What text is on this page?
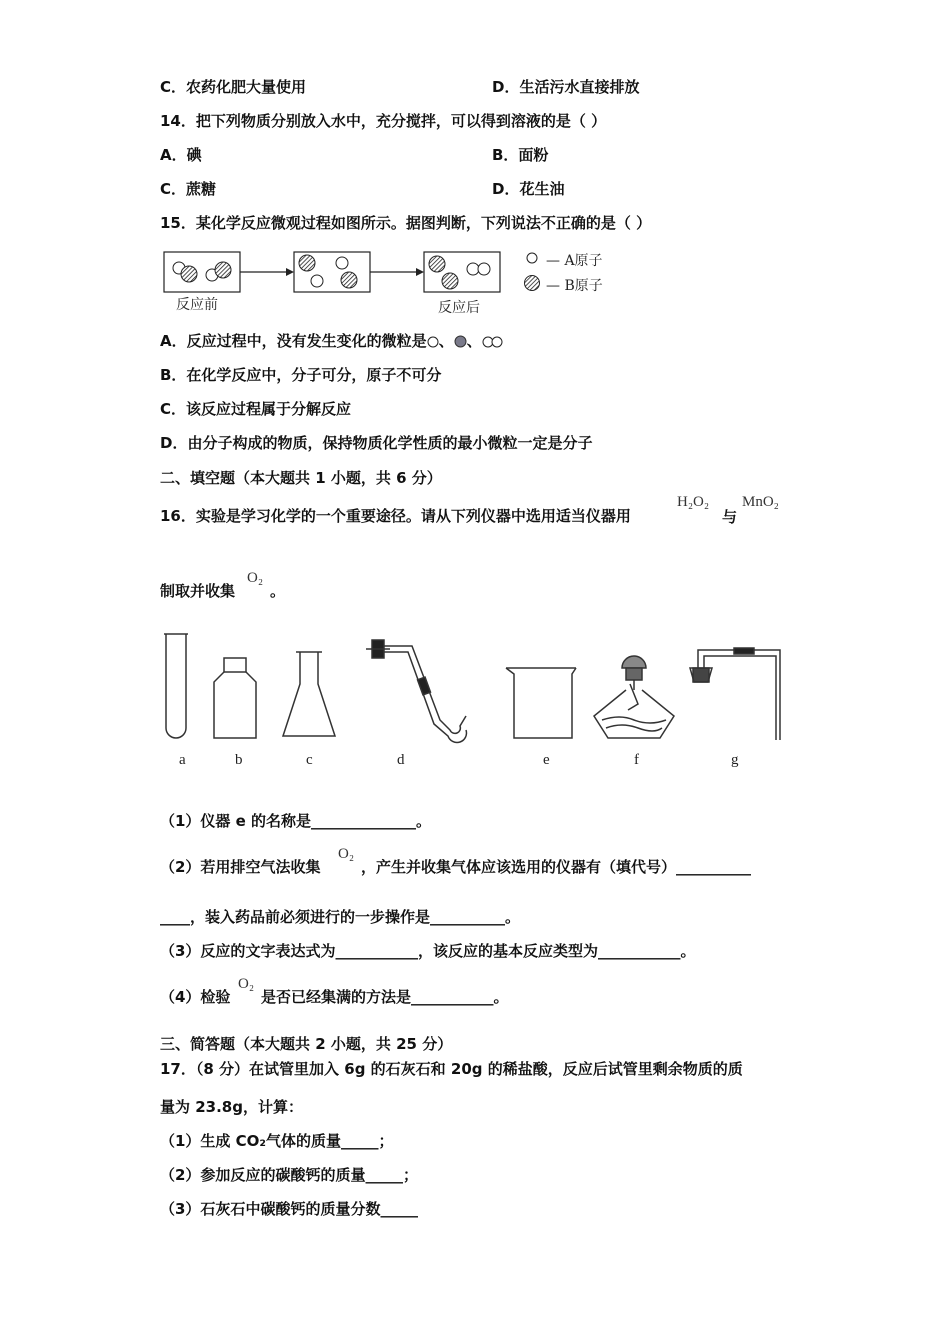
C．农药化肥大量使用	D．生活污水直接排放
14．把下列物质分别放入水中，充分搅拌，可以得到溶液的是（ ）
A．碘	B．面粉
C．蔗糖	D．花生油
15．某化学反应微观过程如图所示。据图判断，下列说法不正确的是（ ）
反应前	反应后
— A原子
— B原子
A．反应过程中，没有发生变化的微粒是 、 、
B．在化学反应中，分子可分，原子不可分
C．该反应过程属于分解反应
D．由分子构成的物质，保持物质化学性质的最小微粒一定是分子
二、填空题（本大题共 1 小题，共 6 分）
16．实验是学习化学的一个重要途径。请从下列仪器中选用适当仪器用
H₂O₂
与
MnO₂
制取并收集
O₂
。
a	b	c	d	e	f	g
（1）仪器 e 的名称是______________。
（2）若用排空气法收集
O₂
，产生并收集气体应该选用的仪器有（填代号）__________
____，装入药品前必须进行的一步操作是__________。
（3）反应的文字表达式为___________，该反应的基本反应类型为___________。
（4）检验
O₂
是否已经集满的方法是___________。
三、简答题（本大题共 2 小题，共 25 分）
17．（8 分）在试管里加入 6g 的石灰石和 20g 的稀盐酸，反应后试管里剩余物质的质
量为 23.8g，计算：
（1）生成 CO₂气体的质量_____；
（2）参加反应的碳酸钙的质量_____；
（3）石灰石中碳酸钙的质量分数_____
